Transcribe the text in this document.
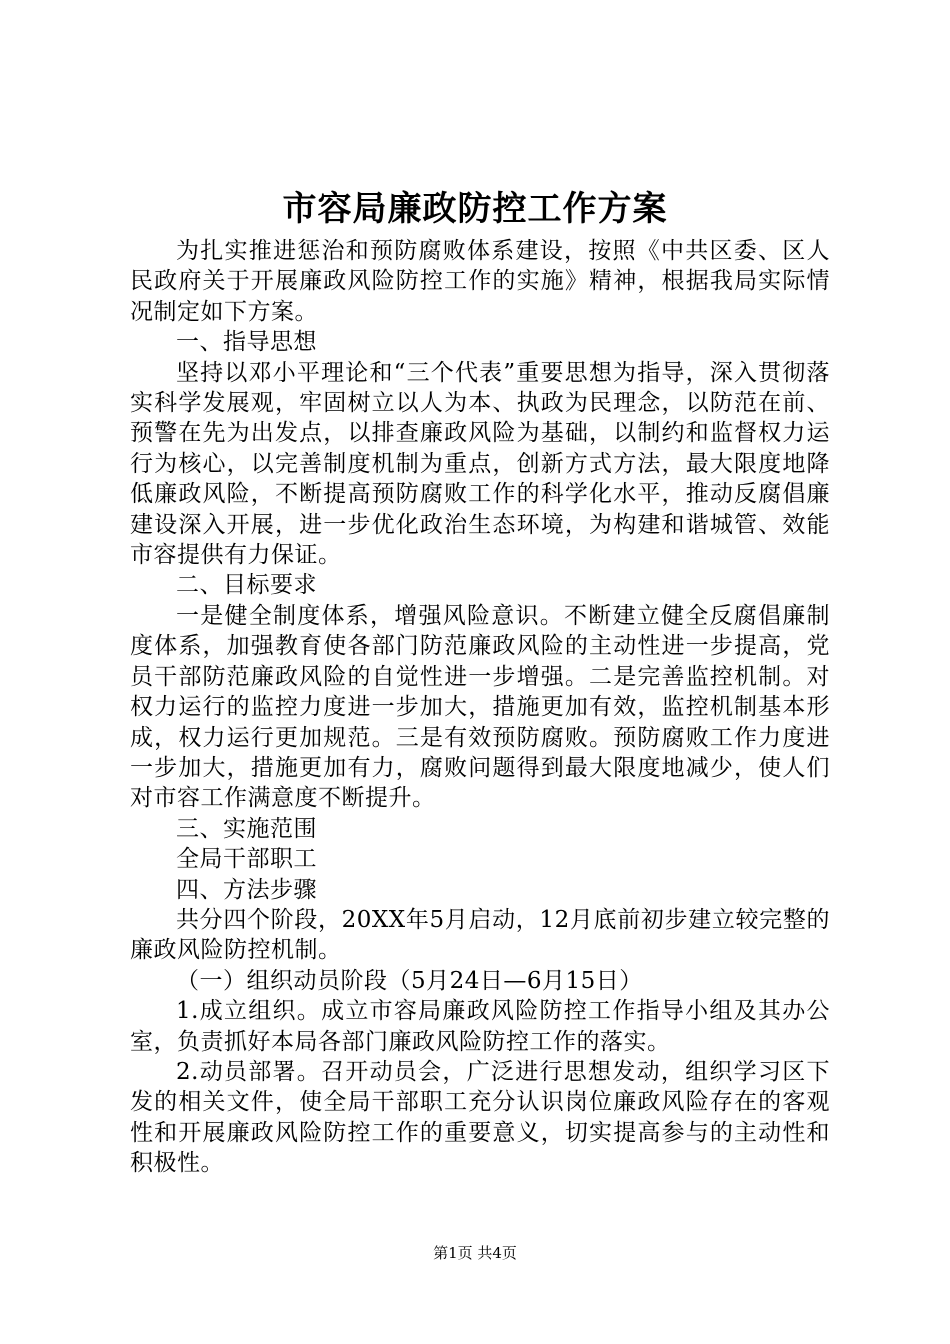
市容局廉政防控工作方案

为扎实推进惩治和预防腐败体系建设，按照《中共区委、区人民政府关于开展廉政风险防控工作的实施》精神，根据我局实际情况制定如下方案。

一、指导思想

坚持以邓小平理论和“三个代表”重要思想为指导，深入贯彻落实科学发展观，牢固树立以人为本、执政为民理念，以防范在前、预警在先为出发点，以排查廉政风险为基础，以制约和监督权力运行为核心，以完善制度机制为重点，创新方式方法，最大限度地降低廉政风险，不断提高预防腐败工作的科学化水平，推动反腐倡廉建设深入开展，进一步优化政治生态环境，为构建和谐城管、效能市容提供有力保证。

二、目标要求

一是健全制度体系，增强风险意识。不断建立健全反腐倡廉制度体系，加强教育使各部门防范廉政风险的主动性进一步提高，党员干部防范廉政风险的自觉性进一步增强。二是完善监控机制。对权力运行的监控力度进一步加大，措施更加有效，监控机制基本形成，权力运行更加规范。三是有效预防腐败。预防腐败工作力度进一步加大，措施更加有力，腐败问题得到最大限度地减少，使人们对市容工作满意度不断提升。

三、实施范围

全局干部职工

四、方法步骤

共分四个阶段，20XX年5月启动，12月底前初步建立较完整的廉政风险防控机制。

（一）组织动员阶段（5月24日—6月15日）

1.成立组织。成立市容局廉政风险防控工作指导小组及其办公室，负责抓好本局各部门廉政风险防控工作的落实。

2.动员部署。召开动员会，广泛进行思想发动，组织学习区下发的相关文件，使全局干部职工充分认识岗位廉政风险存在的客观性和开展廉政风险防控工作的重要意义，切实提高参与的主动性和积极性。

第1页 共4页
